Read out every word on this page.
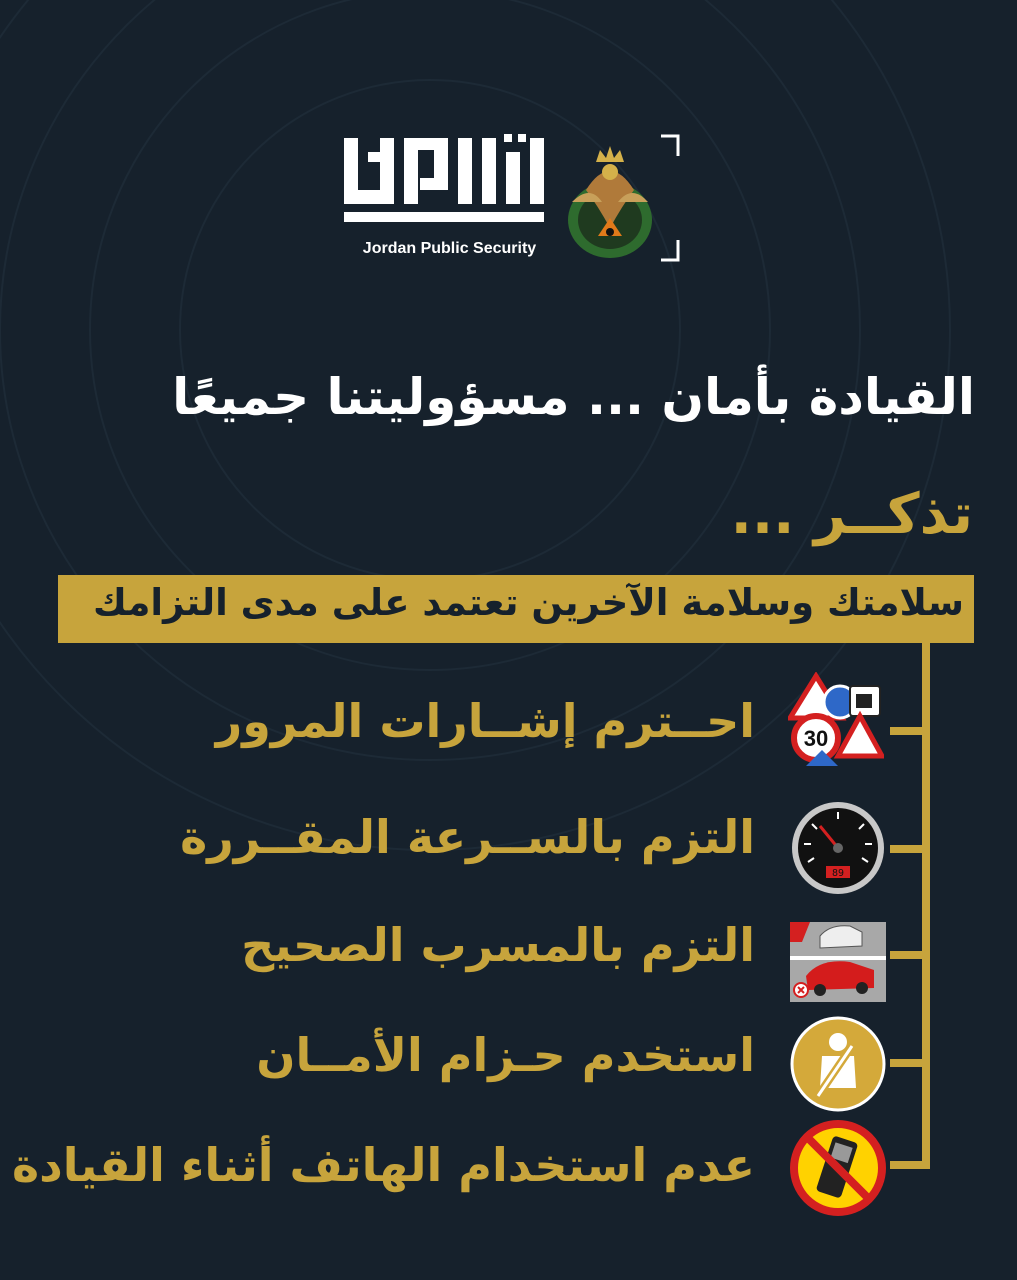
Jordan Public Security
القيادة بأمان ... مسؤوليتنا جميعًا
تذكــر ...
سلامتك وسلامة الآخرين تعتمد على مدى التزامك
احــترم إشــارات المرور 30
التزم بالســرعة المقــررة
89
التزم بالمسرب الصحيح
استخدم حـزام الأمــان
عدم استخدام الهاتف أثناء القيادة
